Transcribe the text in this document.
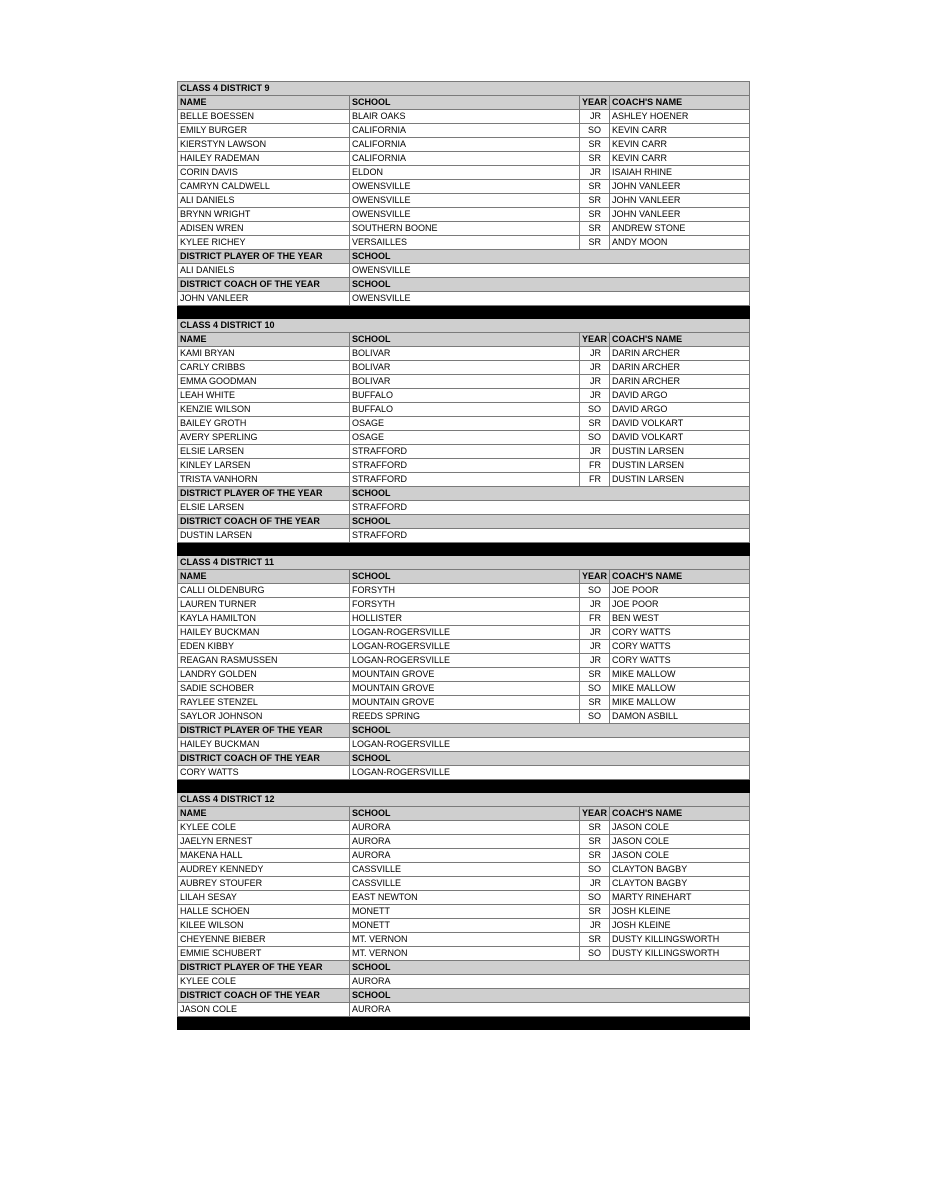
CLASS 4 DISTRICT 9			
NAME	SCHOOL	YEAR	COACH'S NAME
BELLE BOESSEN	BLAIR OAKS	JR	ASHLEY HOENER
EMILY BURGER	CALIFORNIA	SO	KEVIN CARR
KIERSTYN LAWSON	CALIFORNIA	SR	KEVIN CARR
HAILEY RADEMAN	CALIFORNIA	SR	KEVIN CARR
CORIN DAVIS	ELDON	JR	ISAIAH RHINE
CAMRYN CALDWELL	OWENSVILLE	SR	JOHN VANLEER
ALI DANIELS	OWENSVILLE	SR	JOHN VANLEER
BRYNN WRIGHT	OWENSVILLE	SR	JOHN VANLEER
ADISEN WREN	SOUTHERN BOONE	SR	ANDREW STONE
KYLEE RICHEY	VERSAILLES	SR	ANDY MOON
DISTRICT PLAYER OF THE YEAR	SCHOOL		
ALI DANIELS	OWENSVILLE		
DISTRICT COACH OF THE YEAR	SCHOOL		
JOHN VANLEER	OWENSVILLE		

CLASS 4 DISTRICT 10			
NAME	SCHOOL	YEAR	COACH'S NAME
KAMI BRYAN	BOLIVAR	JR	DARIN ARCHER
CARLY CRIBBS	BOLIVAR	JR	DARIN ARCHER
EMMA GOODMAN	BOLIVAR	JR	DARIN ARCHER
LEAH WHITE	BUFFALO	JR	DAVID ARGO
KENZIE WILSON	BUFFALO	SO	DAVID ARGO
BAILEY GROTH	OSAGE	SR	DAVID VOLKART
AVERY SPERLING	OSAGE	SO	DAVID VOLKART
ELSIE LARSEN	STRAFFORD	JR	DUSTIN LARSEN
KINLEY LARSEN	STRAFFORD	FR	DUSTIN LARSEN
TRISTA VANHORN	STRAFFORD	FR	DUSTIN LARSEN
DISTRICT PLAYER OF THE YEAR	SCHOOL		
ELSIE LARSEN	STRAFFORD		
DISTRICT COACH OF THE YEAR	SCHOOL		
DUSTIN LARSEN	STRAFFORD		

CLASS 4 DISTRICT 11			
NAME	SCHOOL	YEAR	COACH'S NAME
CALLI OLDENBURG	FORSYTH	SO	JOE POOR
LAUREN TURNER	FORSYTH	JR	JOE POOR
KAYLA HAMILTON	HOLLISTER	FR	BEN WEST
HAILEY BUCKMAN	LOGAN-ROGERSVILLE	JR	CORY WATTS
EDEN KIBBY	LOGAN-ROGERSVILLE	JR	CORY WATTS
REAGAN RASMUSSEN	LOGAN-ROGERSVILLE	JR	CORY WATTS
LANDRY GOLDEN	MOUNTAIN GROVE	SR	MIKE MALLOW
SADIE SCHOBER	MOUNTAIN GROVE	SO	MIKE MALLOW
RAYLEE STENZEL	MOUNTAIN GROVE	SR	MIKE MALLOW
SAYLOR JOHNSON	REEDS SPRING	SO	DAMON ASBILL
DISTRICT PLAYER OF THE YEAR	SCHOOL		
HAILEY BUCKMAN	LOGAN-ROGERSVILLE		
DISTRICT COACH OF THE YEAR	SCHOOL		
CORY WATTS	LOGAN-ROGERSVILLE		

CLASS 4 DISTRICT 12			
NAME	SCHOOL	YEAR	COACH'S NAME
KYLEE COLE	AURORA	SR	JASON COLE
JAELYN ERNEST	AURORA	SR	JASON COLE
MAKENA HALL	AURORA	SR	JASON COLE
AUDREY KENNEDY	CASSVILLE	SO	CLAYTON BAGBY
AUBREY STOUFER	CASSVILLE	JR	CLAYTON BAGBY
LILAH SESAY	EAST NEWTON	SO	MARTY RINEHART
HALLE SCHOEN	MONETT	SR	JOSH KLEINE
KILEE WILSON	MONETT	JR	JOSH KLEINE
CHEYENNE BIEBER	MT. VERNON	SR	DUSTY KILLINGSWORTH
EMMIE SCHUBERT	MT. VERNON	SO	DUSTY KILLINGSWORTH
DISTRICT PLAYER OF THE YEAR	SCHOOL		
KYLEE COLE	AURORA		
DISTRICT COACH OF THE YEAR	SCHOOL		
JASON COLE	AURORA		
